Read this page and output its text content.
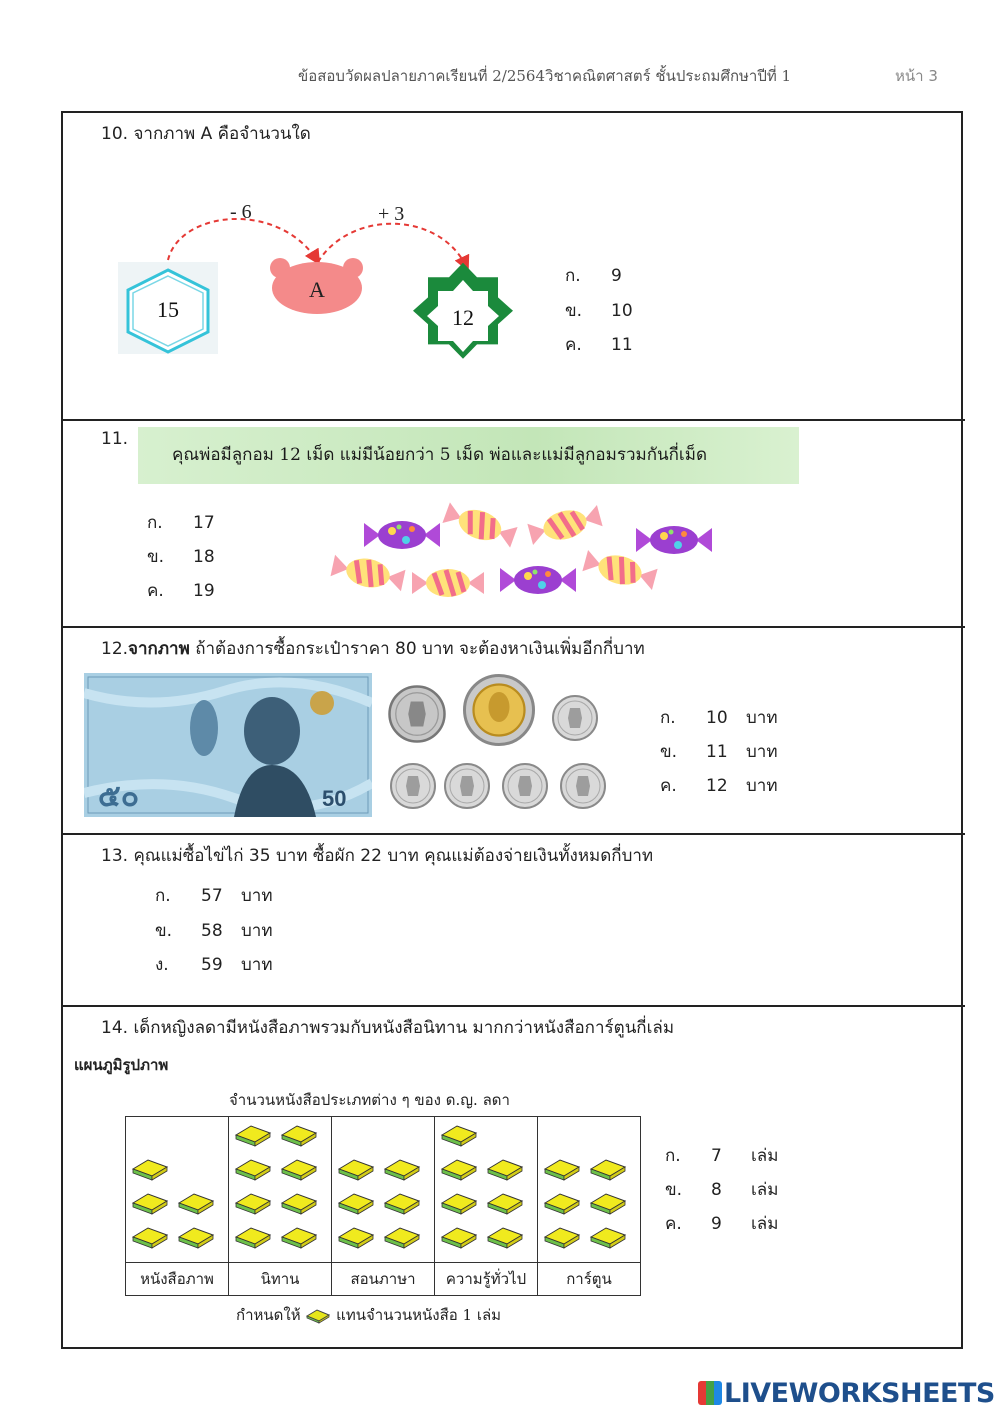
ข้อสอบวัดผลปลายภาคเรียนที่ 2/2564วิชาคณิตศาสตร์ ชั้นประถมศึกษาปีที่ 1	หน้า 3
10. จากภาพ A คือจำนวนใด
- 6	+ 3
15
A
12
ก. 9
ข. 10
ค. 11
11.
คุณพ่อมีลูกอม 12 เม็ด แม่มีน้อยกว่า 5 เม็ด พ่อและแม่มีลูกอมรวมกันกี่เม็ด
ก. 17
ข. 18
ค. 19
12.จากภาพ ถ้าต้องการซื้อกระเป๋าราคา 80 บาท จะต้องหาเงินเพิ่มอีกกี่บาท
๕๐	50
ก. 10 บาท
ข. 11 บาท
ค. 12 บาท
13. คุณแม่ซื้อไข่ไก่ 35 บาท ซื้อผัก 22 บาท คุณแม่ต้องจ่ายเงินทั้งหมดกี่บาท
ก. 57 บาท
ข. 58 บาท
ง. 59 บาท
14. เด็กหญิงลดามีหนังสือภาพรวมกับหนังสือนิทาน มากกว่าหนังสือการ์ตูนกี่เล่ม
แผนภูมิรูปภาพ
จำนวนหนังสือประเภทต่าง ๆ ของ ด.ญ. ลดา

หนังสือภาพ	นิทาน	สอนภาษา	ความรู้ทั่วไป	การ์ตูน
กำหนดให้ แทนจำนวนหนังสือ 1 เล่ม
ก. 7 เล่ม
ข. 8 เล่ม
ค. 9 เล่ม
LIVEWORKSHEETS
